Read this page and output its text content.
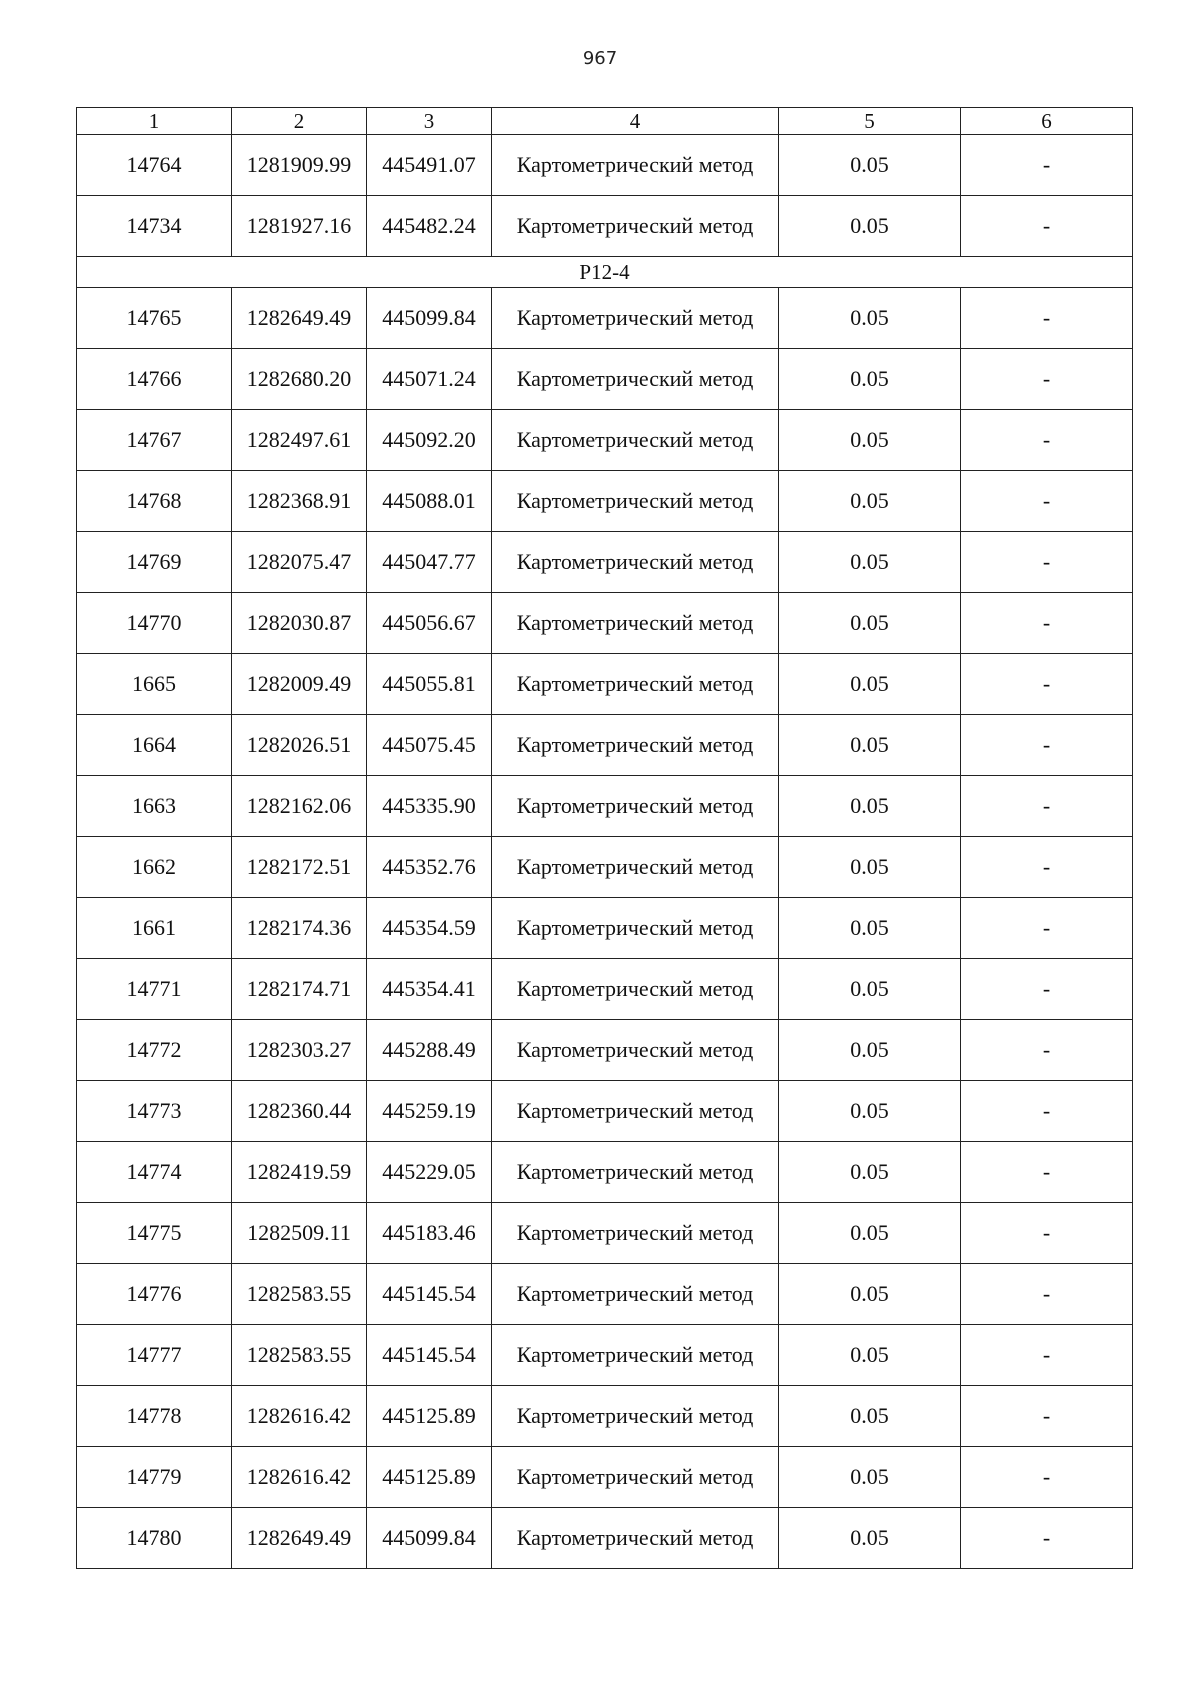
967
1	2	3	4	5	6
14764	1281909.99	445491.07	Картометрический метод	0.05	-
14734	1281927.16	445482.24	Картометрический метод	0.05	-
Р12-4					
14765	1282649.49	445099.84	Картометрический метод	0.05	-
14766	1282680.20	445071.24	Картометрический метод	0.05	-
14767	1282497.61	445092.20	Картометрический метод	0.05	-
14768	1282368.91	445088.01	Картометрический метод	0.05	-
14769	1282075.47	445047.77	Картометрический метод	0.05	-
14770	1282030.87	445056.67	Картометрический метод	0.05	-
1665	1282009.49	445055.81	Картометрический метод	0.05	-
1664	1282026.51	445075.45	Картометрический метод	0.05	-
1663	1282162.06	445335.90	Картометрический метод	0.05	-
1662	1282172.51	445352.76	Картометрический метод	0.05	-
1661	1282174.36	445354.59	Картометрический метод	0.05	-
14771	1282174.71	445354.41	Картометрический метод	0.05	-
14772	1282303.27	445288.49	Картометрический метод	0.05	-
14773	1282360.44	445259.19	Картометрический метод	0.05	-
14774	1282419.59	445229.05	Картометрический метод	0.05	-
14775	1282509.11	445183.46	Картометрический метод	0.05	-
14776	1282583.55	445145.54	Картометрический метод	0.05	-
14777	1282583.55	445145.54	Картометрический метод	0.05	-
14778	1282616.42	445125.89	Картометрический метод	0.05	-
14779	1282616.42	445125.89	Картометрический метод	0.05	-
14780	1282649.49	445099.84	Картометрический метод	0.05	-
